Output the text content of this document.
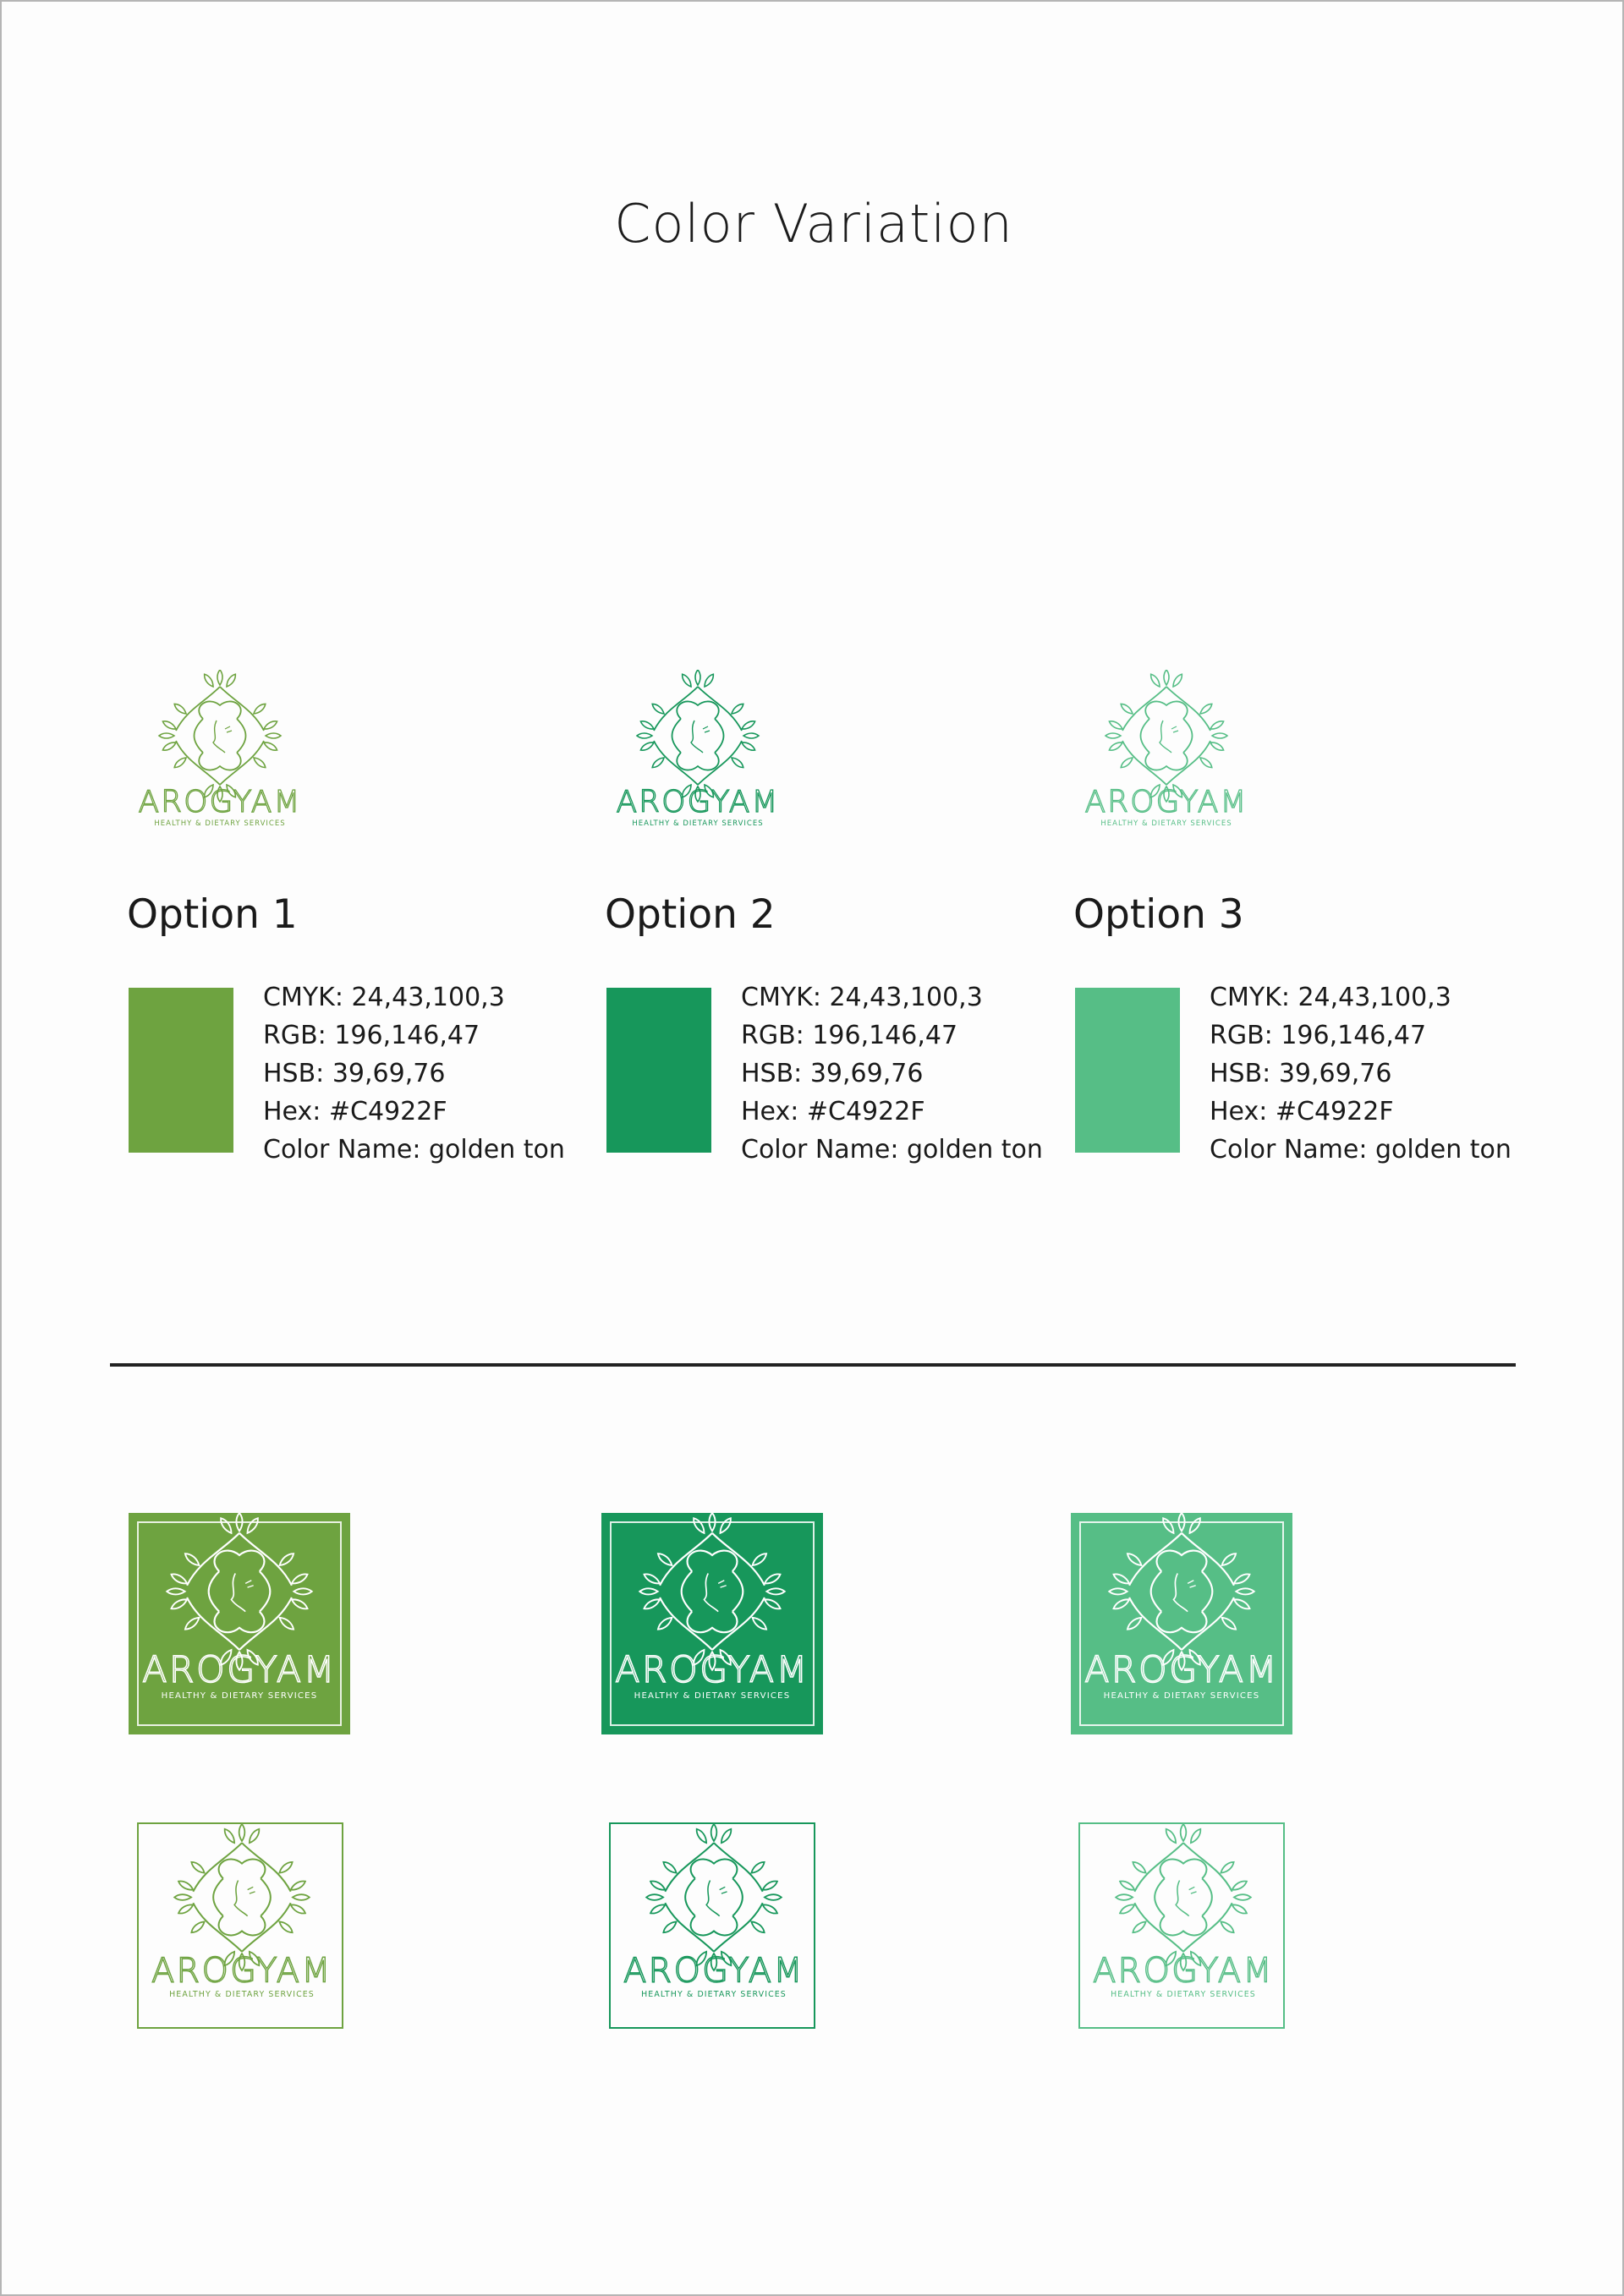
Color Variation
AROGYAM
HEALTHY & DIETARY SERVICES
Option 1
CMYK: 24,43,100,3
RGB: 196,146,47
HSB: 39,69,76
Hex: #C4922F
Color Name: golden ton
AROGYAM
HEALTHY & DIETARY SERVICES
Option 2
CMYK: 24,43,100,3
RGB: 196,146,47
HSB: 39,69,76
Hex: #C4922F
Color Name: golden ton
AROGYAM
HEALTHY & DIETARY SERVICES
Option 3
CMYK: 24,43,100,3
RGB: 196,146,47
HSB: 39,69,76
Hex: #C4922F
Color Name: golden ton
AROGYAM
HEALTHY & DIETARY SERVICES
AROGYAM
HEALTHY & DIETARY SERVICES
AROGYAM
HEALTHY & DIETARY SERVICES
AROGYAM
HEALTHY & DIETARY SERVICES
AROGYAM
HEALTHY & DIETARY SERVICES
AROGYAM
HEALTHY & DIETARY SERVICES
